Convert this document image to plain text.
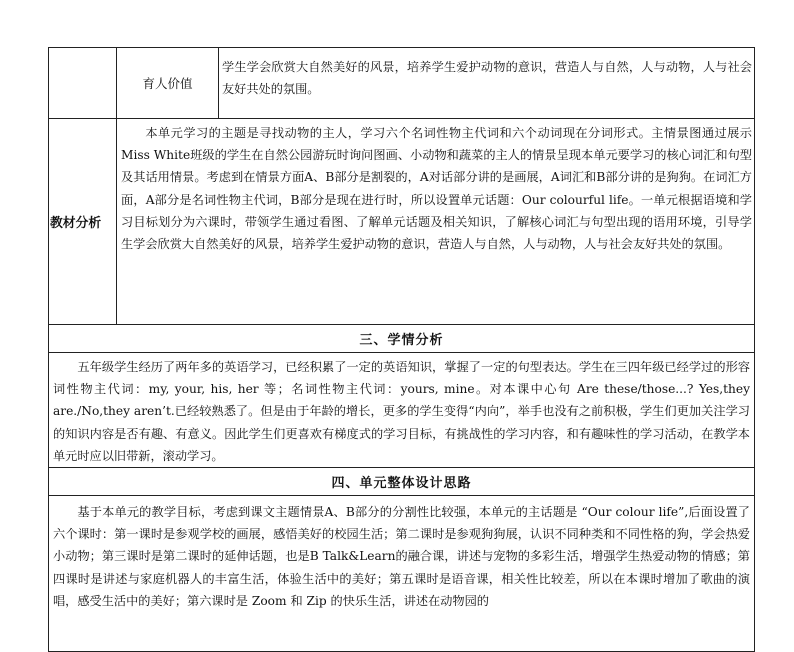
	育人价值	学生学会欣赏大自然美好的风景，培养学生爱护动物的意识，营造人与自然，人与动物，人与社会友好共处的氛围。
教材分析	本单元学习的主题是寻找动物的主人，学习六个名词性物主代词和六个动词现在分词形式。主情景图通过展示Miss White班级的学生在自然公园游玩时询问图画、小动物和蔬菜的主人的情景呈现本单元要学习的核心词汇和句型及其话用情景。考虑到在情景方面A、B部分是割裂的，A对话部分讲的是画展，A词汇和B部分讲的是狗狗。在词汇方面，A部分是名词性物主代词，B部分是现在进行时，所以设置单元话题：Our colourful life。一单元根据语境和学习目标划分为六课时，带领学生通过看图、了解单元话题及相关知识，了解核心词汇与句型出现的语用环境，引导学生学会欣赏大自然美好的风景，培养学生爱护动物的意识，营造人与自然，人与动物，人与社会友好共处的氛围。	
三、学情分析		
五年级学生经历了两年多的英语学习，已经积累了一定的英语知识，掌握了一定的句型表达。学生在三四年级已经学过的形容词性物主代词：my, your, his, her 等；名词性物主代词：yours, mine。对本课中心句 Are these/those...? Yes,they are./No,they aren’t.已经较熟悉了。但是由于年龄的增长，更多的学生变得“内向”，举手也没有之前积极，学生们更加关注学习的知识内容是否有趣、有意义。因此学生们更喜欢有梯度式的学习目标，有挑战性的学习内容，和有趣味性的学习活动，在教学本单元时应以旧带新，滚动学习。		
四、单元整体设计思路		
基于本单元的教学目标，考虑到课文主题情景A、B部分的分割性比较强，本单元的主话题是 “Our colour life”,后面设置了六个课时：第一课时是参观学校的画展，感悟美好的校园生活；第二课时是参观狗狗展，认识不同种类和不同性格的狗，学会热爱小动物；第三课时是第二课时的延伸话题，也是B Talk&Learn的融合课，讲述与宠物的多彩生活，增强学生热爱动物的情感；第四课时是讲述与家庭机器人的丰富生活，体验生活中的美好；第五课时是语音课，相关性比较差，所以在本课时增加了歌曲的演唱，感受生活中的美好；第六课时是 Zoom 和 Zip 的快乐生活，讲述在动物园的		
